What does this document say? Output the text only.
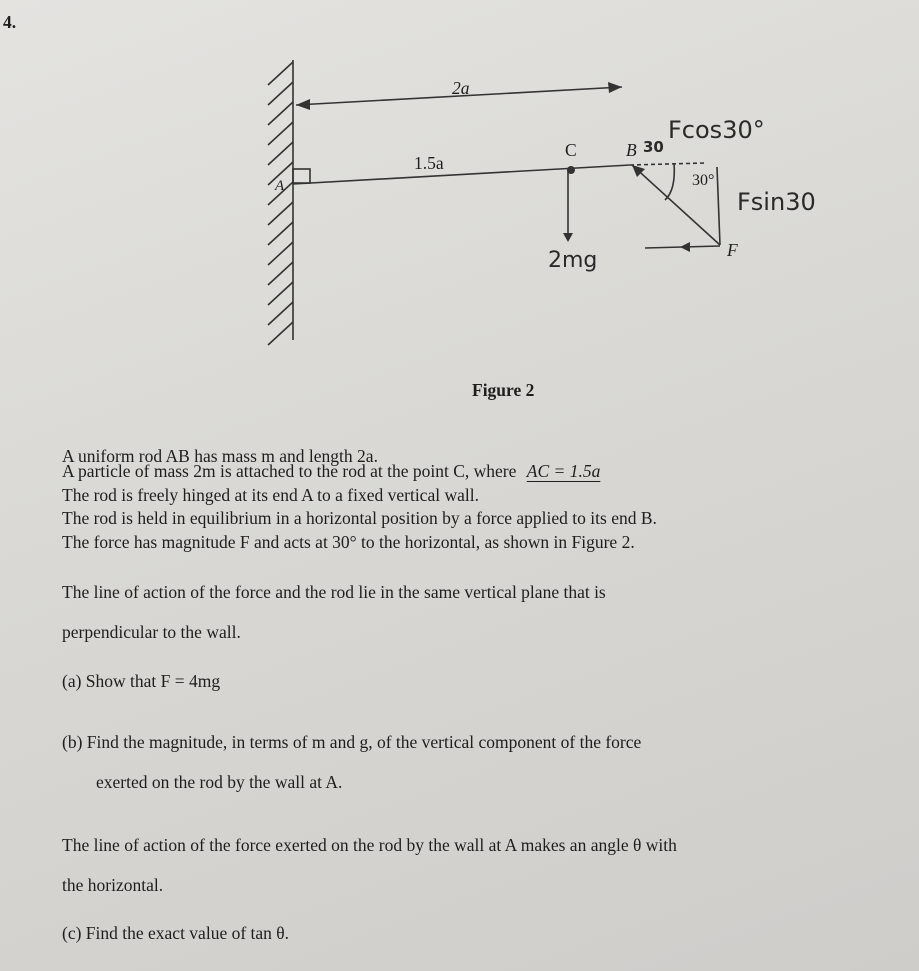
4.
2a
1.5a
A
C	B 30
Fcos30°
30°
Fsin30
F
2mg
Figure 2
A uniform rod AB has mass m and length 2a.
A particle of mass 2m is attached to the rod at the point C, where AC = 1.5a
The rod is freely hinged at its end A to a fixed vertical wall.
The rod is held in equilibrium in a horizontal position by a force applied to its end B.
The force has magnitude F and acts at 30° to the horizontal, as shown in Figure 2.
The line of action of the force and the rod lie in the same vertical plane that is
perpendicular to the wall.
(a) Show that F = 4mg
(b) Find the magnitude, in terms of m and g, of the vertical component of the force
exerted on the rod by the wall at A.
The line of action of the force exerted on the rod by the wall at A makes an angle θ with
the horizontal.
(c) Find the exact value of tan θ.
